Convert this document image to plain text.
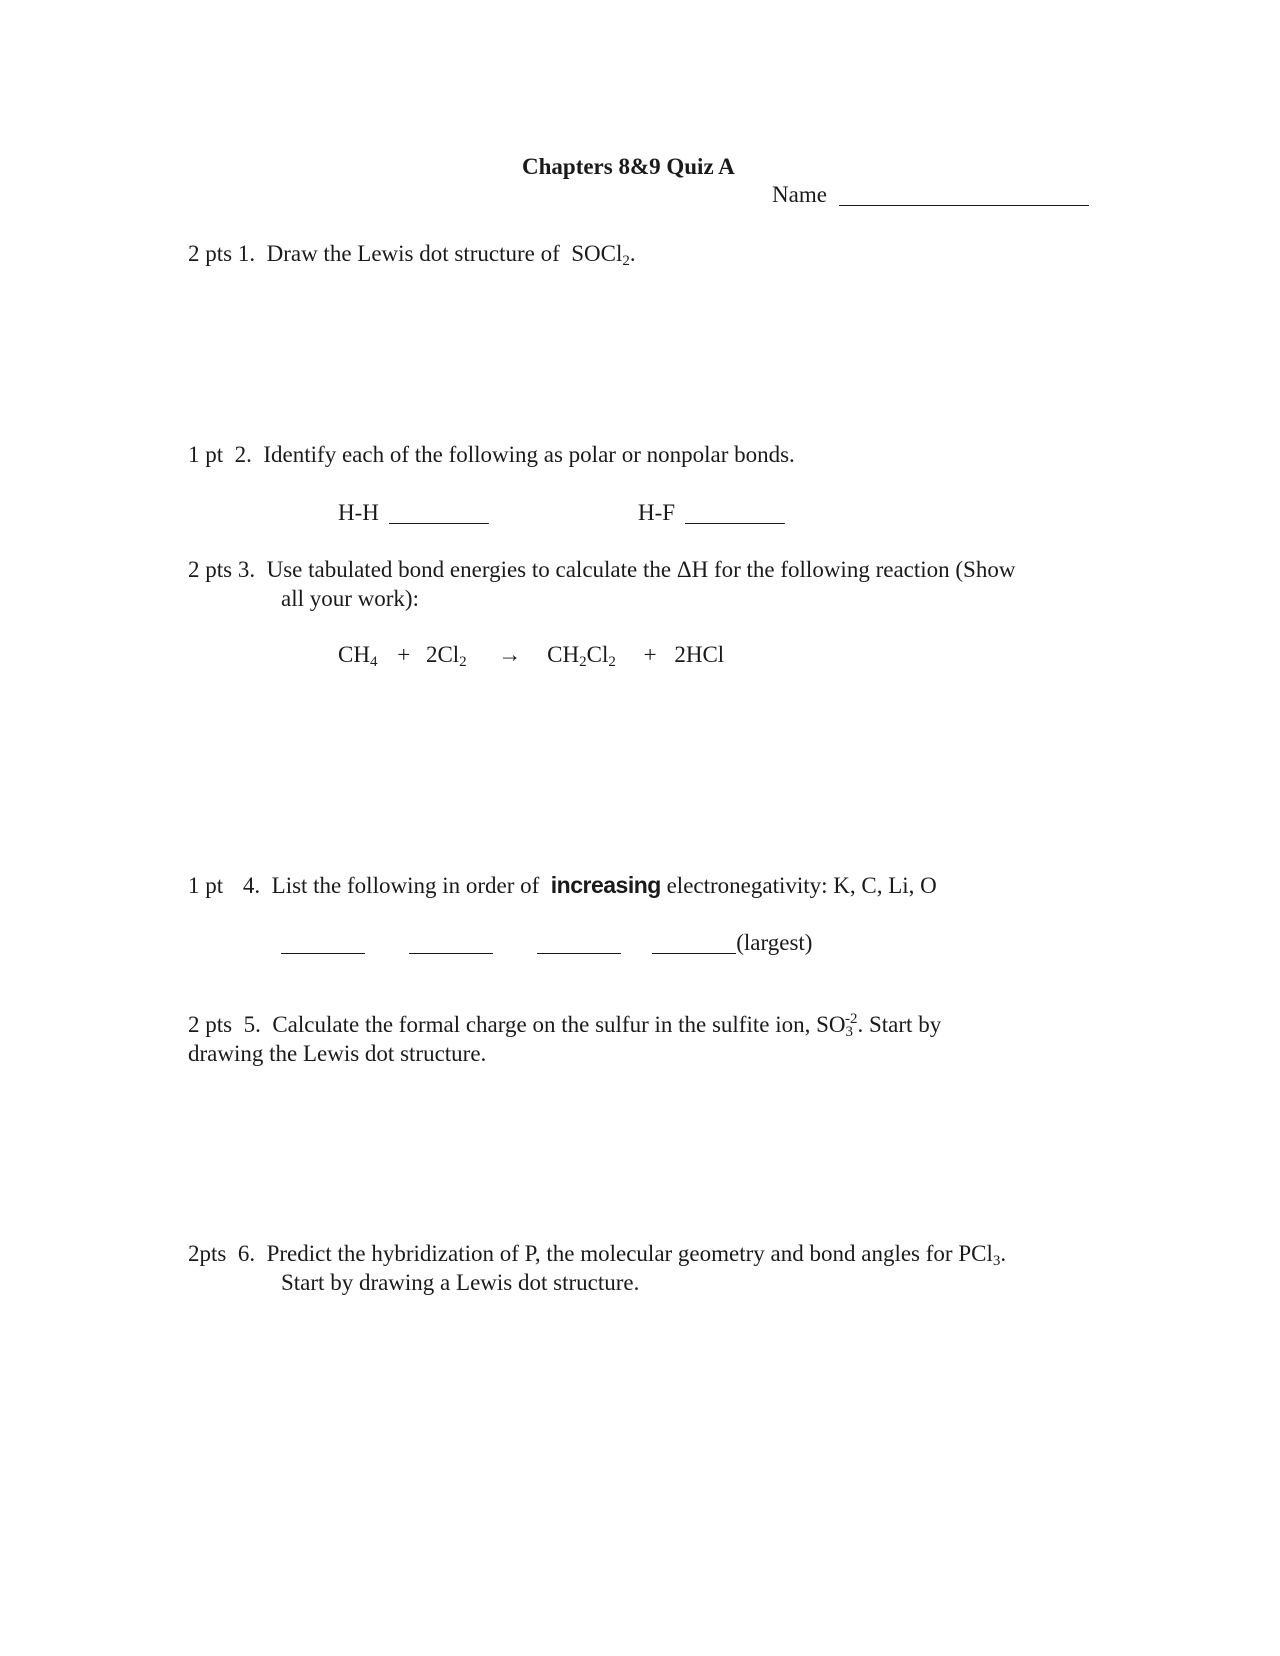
Chapters 8&9 Quiz A
Name
2 pts 1. Draw the Lewis dot structure of SOCl$_2$.
1 pt 2. Identify each of the following as polar or nonpolar bonds.
H-H	H-F
2 pts 3. Use tabulated bond energies to calculate the ΔH for the following reaction (Show
all your work):
$CH_4 + 2Cl_2 \to CH_2Cl_2 + 2HCl$
1 pt 4. List the following in order of increasing electronegativity: K, C, Li, O
(largest)
2 pts 5. Calculate the formal charge on the sulfur in the sulfite ion, $SO_3^{-2}$. Start by
drawing the Lewis dot structure.
2pts 6. Predict the hybridization of P, the molecular geometry and bond angles for PCl$_3$.
Start by drawing a Lewis dot structure.
